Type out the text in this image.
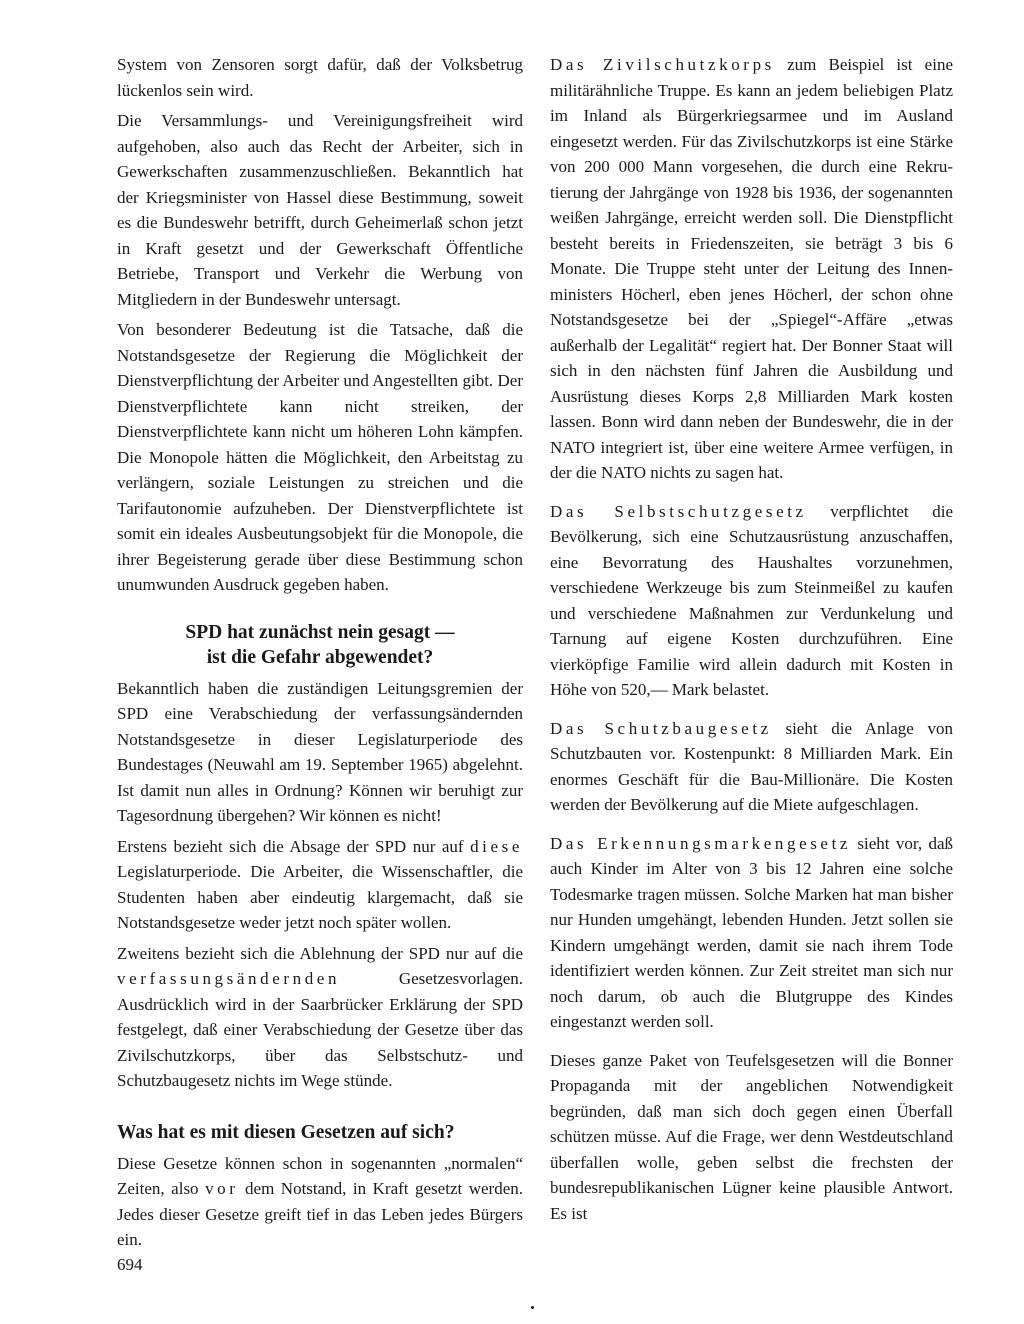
System von Zensoren sorgt dafür, daß der Volksbetrug lückenlos sein wird.

Die Versammlungs- und Vereinigungsfreiheit wird aufgehoben, also auch das Recht der Arbeiter, sich in Gewerkschaften zusammenzuschließen. Bekanntlich hat der Kriegsminister von Hassel diese Bestimmung, soweit es die Bundeswehr betrifft, durch Geheimerlaß schon jetzt in Kraft gesetzt und der Gewerkschaft Öffentliche Betriebe, Transport und Verkehr die Werbung von Mitgliedern in der Bundeswehr untersagt.

Von besonderer Bedeutung ist die Tatsache, daß die Notstandsgesetze der Regierung die Möglichkeit der Dienstverpflichtung der Arbeiter und Angestellten gibt. Der Dienstverpflichtete kann nicht streiken, der Dienstverpflichtete kann nicht um höheren Lohn kämpfen. Die Monopole hätten die Möglichkeit, den Arbeitstag zu verlängern, soziale Leistungen zu streichen und die Tarifautonomie aufzuheben. Der Dienstverpflichtete ist somit ein ideales Ausbeutungsobjekt für die Monopole, die ihrer Begeisterung gerade über diese Bestimmung schon unumwunden Ausdruck gegeben haben.

SPD hat zunächst nein gesagt —
ist die Gefahr abgewendet?

Bekanntlich haben die zuständigen Leitungsgremien der SPD eine Verabschiedung der verfassungsändernden Notstandsgesetze in dieser Legislaturperiode des Bundestages (Neuwahl am 19. September 1965) abgelehnt. Ist damit nun alles in Ordnung? Können wir beruhigt zur Tagesordnung übergehen? Wir können es nicht!

Erstens bezieht sich die Absage der SPD nur auf diese Legislaturperiode. Die Arbeiter, die Wissenschaftler, die Studenten haben aber eindeutig klargemacht, daß sie Notstandsgesetze weder jetzt noch später wollen.

Zweitens bezieht sich die Ablehnung der SPD nur auf die verfassungsändernden Gesetzesvorlagen. Ausdrücklich wird in der Saarbrücker Erklärung der SPD festgelegt, daß einer Verabschiedung der Gesetze über das Zivilschutzkorps, über das Selbstschutz- und Schutzbaugesetz nichts im Wege stünde.

Was hat es mit diesen Gesetzen auf sich?

Diese Gesetze können schon in sogenannten „normalen“ Zeiten, also vor dem Notstand, in Kraft gesetzt werden. Jedes dieser Gesetze greift tief in das Leben jedes Bürgers ein.

Das Zivilschutzkorps zum Beispiel ist eine militärähnliche Truppe. Es kann an jedem beliebigen Platz im Inland als Bürgerkriegsarmee und im Ausland eingesetzt werden. Für das Zivilschutzkorps ist eine Stärke von 200 000 Mann vorgesehen, die durch eine Rekrutierung der Jahrgänge von 1928 bis 1936, der sogenannten weißen Jahrgänge, erreicht werden soll. Die Dienstpflicht besteht bereits in Friedenszeiten, sie beträgt 3 bis 6 Monate. Die Truppe steht unter der Leitung des Innenministers Höcherl, eben jenes Höcherl, der schon ohne Notstandsgesetze bei der „Spiegel“-Affäre „etwas außerhalb der Legalität“ regiert hat. Der Bonner Staat will sich in den nächsten fünf Jahren die Ausbildung und Ausrüstung dieses Korps 2,8 Milliarden Mark kosten lassen. Bonn wird dann neben der Bundeswehr, die in der NATO integriert ist, über eine weitere Armee verfügen, in der die NATO nichts zu sagen hat.

Das Selbstschutzgesetz verpflichtet die Bevölkerung, sich eine Schutzausrüstung anzuschaffen, eine Bevorratung des Haushaltes vorzunehmen, verschiedene Werkzeuge bis zum Steinmeißel zu kaufen und verschiedene Maßnahmen zur Verdunkelung und Tarnung auf eigene Kosten durchzuführen. Eine vierköpfige Familie wird allein dadurch mit Kosten in Höhe von 520,— Mark belastet.

Das Schutzbaugesetz sieht die Anlage von Schutzbauten vor. Kostenpunkt: 8 Milliarden Mark. Ein enormes Geschäft für die Bau-Millionäre. Die Kosten werden der Bevölkerung auf die Miete aufgeschlagen.

Das Erkennungsmarkengesetz sieht vor, daß auch Kinder im Alter von 3 bis 12 Jahren eine solche Todesmarke tragen müssen. Solche Marken hat man bisher nur Hunden umgehängt, lebenden Hunden. Jetzt sollen sie Kindern umgehängt werden, damit sie nach ihrem Tode identifiziert werden können. Zur Zeit streitet man sich nur noch darum, ob auch die Blutgruppe des Kindes eingestanzt werden soll.

Dieses ganze Paket von Teufelsgesetzen will die Bonner Propaganda mit der angeblichen Notwendigkeit begründen, daß man sich doch gegen einen Überfall schützen müsse. Auf die Frage, wer denn Westdeutschland überfallen wolle, geben selbst die frechsten der bundesrepublikanischen Lügner keine plausible Antwort. Es ist

694
